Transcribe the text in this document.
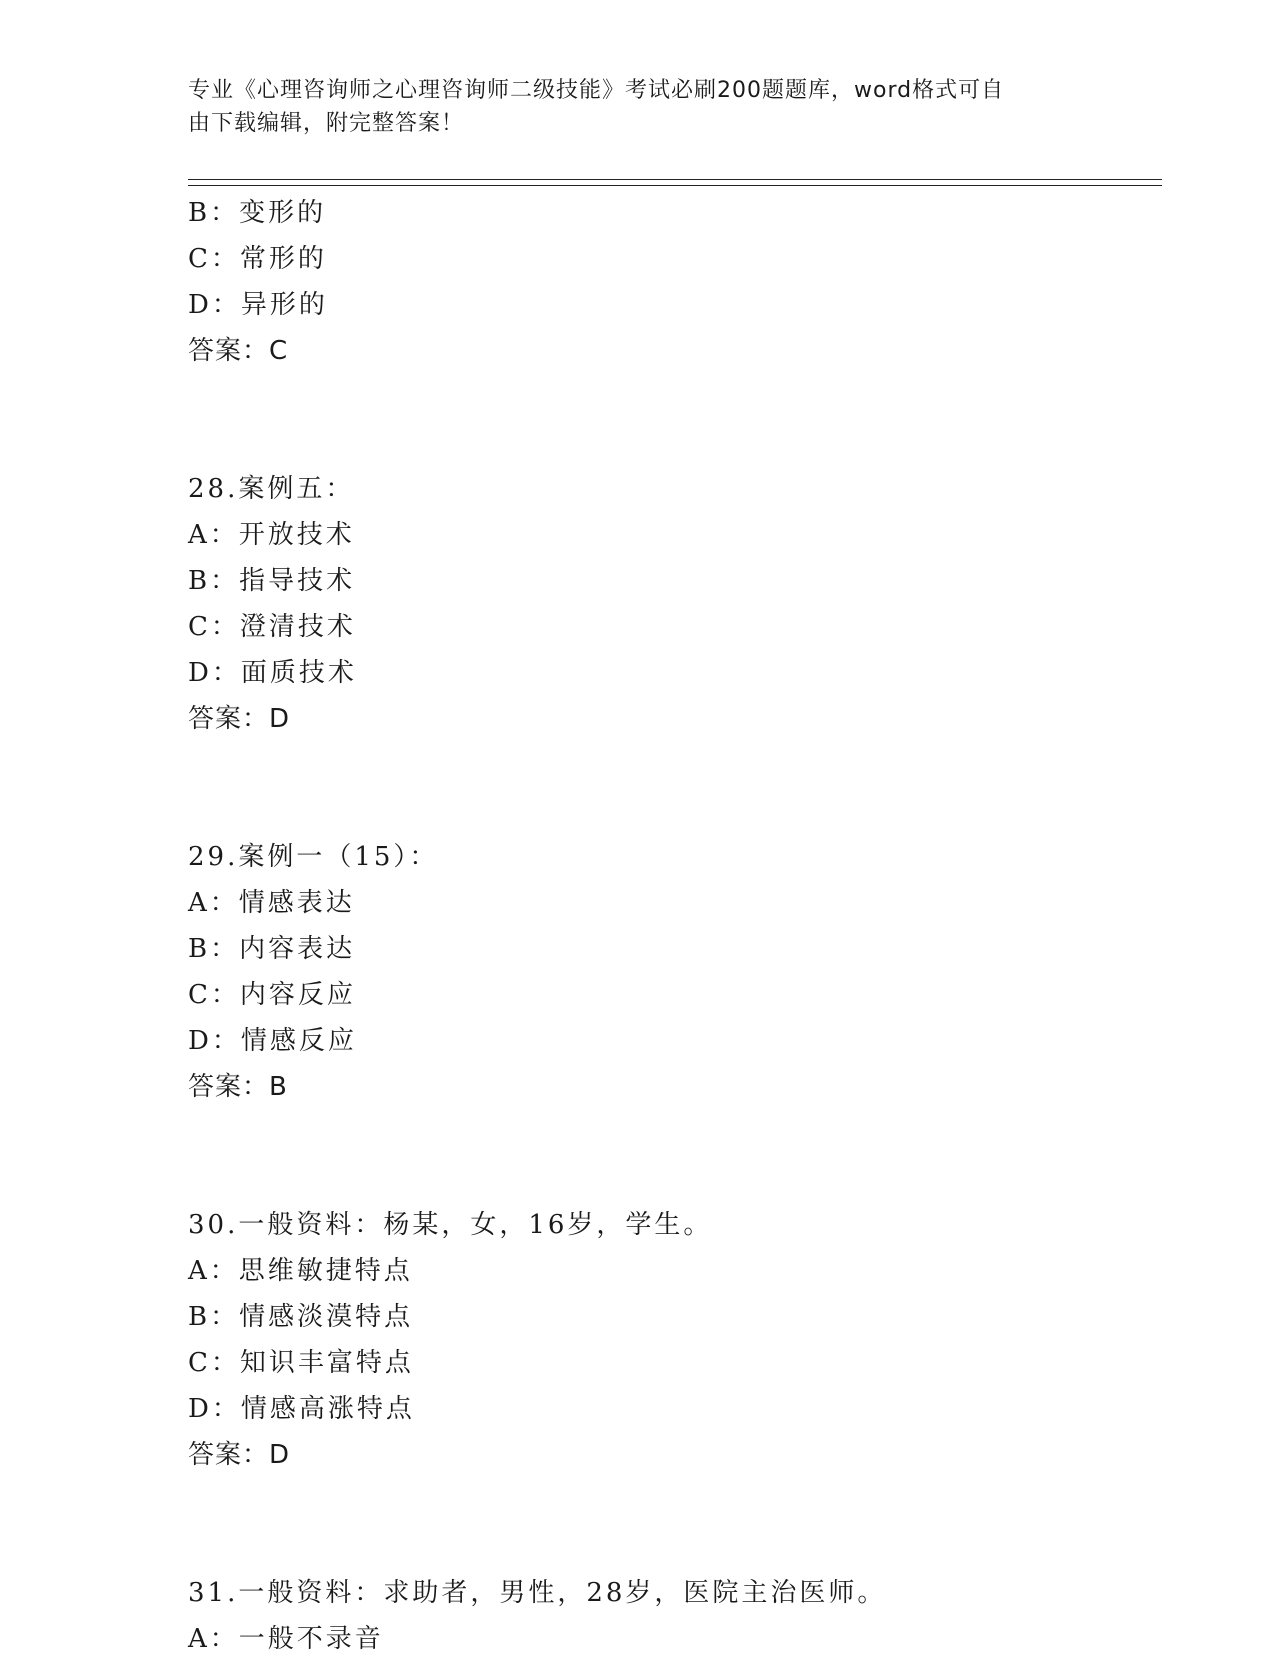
专业《心理咨询师之心理咨询师二级技能》考试必刷200题题库，word格式可自
由下载编辑，附完整答案！
B：变形的
C：常形的
D：异形的
答案：C
28.案例五：
A：开放技术
B：指导技术
C：澄清技术
D：面质技术
答案：D
29.案例一（15）：
A：情感表达
B：内容表达
C：内容反应
D：情感反应
答案：B
30.一般资料：杨某，女，16岁，学生。
A：思维敏捷特点
B：情感淡漠特点
C：知识丰富特点
D：情感高涨特点
答案：D
31.一般资料：求助者，男性，28岁，医院主治医师。
A：一般不录音
